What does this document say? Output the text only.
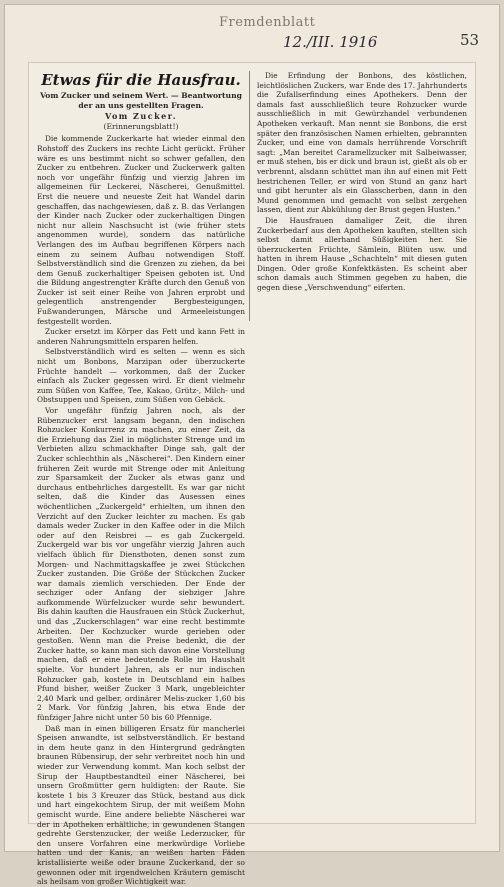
Fremdenblatt
12./III. 1916	53
Etwas für die Hausfrau.
Vom Zucker und seinem Wert. — Beantwortung der an uns gestellten Fragen.
Vom Zucker.
(Erinnerungsblatt!)

Die kommende Zuckerkarte hat wieder einmal den Rohstoff des Zuckers ins rechte Licht gerückt. Früher wäre es uns bestimmt nicht so schwer gefallen, den Zucker zu entbehren. Zucker und Zuckerwerk galten noch vor ungefähr fünfzig und vierzig Jahren im allgemeinen für Leckerei, Näscherei, Genußmittel. Erst die neuere und neueste Zeit hat Wandel darin geschaffen, das nachgewiesen, daß z. B. das Verlangen der Kinder nach Zucker oder zuckerhaltigen Dingen nicht nur allein Naschsucht ist (wie früher stets angenommen wurde), sondern das natürliche Verlangen des im Aufbau begriffenen Körpers nach einem zu seinem Aufbau notwendigen Stoff. Selbstverständlich sind die Grenzen zu ziehen, da bei dem Genuß zuckerhaltiger Speisen geboten ist. Und die Bildung angestrengter Kräfte durch den Genuß von Zucker ist seit einer Reihe von Jahren erprobt und gelegentlich anstrengender Bergbesteigungen, Fußwanderungen, Märsche und Armeeleistungen festgestellt worden.

Zucker ersetzt im Körper das Fett und kann Fett in anderen Nahrungsmitteln ersparen helfen.

Selbstverständlich wird es selten — wenn es sich nicht um Bonbons, Marzipan oder überzuckerte Früchte handelt — vorkommen, daß der Zucker einfach als Zucker gegessen wird. Er dient vielmehr zum Süßen von Kaffee, Tee, Kakao, Grütz-, Milch- und Obstsuppen und Speisen, zum Süßen von Gebäck.

Vor ungefähr fünfzig Jahren noch, als der Rübenzucker erst langsam begann, den indischen Rohzucker Konkurrenz zu machen, zu einer Zeit, da die Erziehung das Ziel in möglichster Strenge und im Verbieten allzu schmackhafter Dinge sah, galt der Zucker schlechthin als „Näscherei“. Den Kindern einer früheren Zeit wurde mit Strenge oder mit Anleitung zur Sparsamkeit der Zucker als etwas ganz und durchaus entbehrliches dargestellt. Es war gar nicht selten, daß die Kinder das Ausessen eines wöchentlichen „Zuckergeld“ erhielten, um ihnen den Verzicht auf den Zucker leichter zu machen. Es gab damals weder Zucker in den Kaffee oder in die Milch oder auf den Reisbrei — es gab Zuckergeld. Zuckergeld war bis vor ungefähr vierzig Jahren auch vielfach üblich für Dienstboten, denen sonst zum Morgen- und Nachmittagskaffee je zwei Stückchen Zucker zustanden. Die Größe der Stückchen Zucker war damals ziemlich verschieden. Der Ende der sechziger oder Anfang der siebziger Jahre aufkommende Würfelzucker wurde sehr bewundert. Bis dahin kauften die Hausfrauen ein Stück Zuckerhut, und das „Zuckerschlagen“ war eine recht bestimmte Arbeiten. Der Kochzucker wurde gerieben oder gestoßen. Wenn man die Preise bedenkt, die der Zucker hatte, so kann man sich davon eine Vorstellung machen, daß er eine bedeutende Rolle im Haushalt spielte. Vor hundert Jahren, als er nur indischen Rohzucker gab, kostete in Deutschland ein halbes Pfund bisher, weißer Zucker 3 Mark, ungebleichter 2,40 Mark und gelber, ordinärer Melis-zucker 1,60 bis 2 Mark. Vor fünfzig Jahren, bis etwa Ende der fünfziger Jahre nicht unter 50 bis 60 Pfennige.

Daß man in einen billigeren Ersatz für mancherlei Speisen anwandte, ist selbstverständlich. Er bestand in dem heute ganz in den Hintergrund gedrängten braunen Rübensirup, der sehr verbreitet noch hin und wieder zur Verwendung kommt. Man koch selbst der Sirup der Hauptbestandteil einer Näscherei, bei unsern Großmütter gern huldigten: der Raute. Sie kostete 1 bis 3 Kreuzer das Stück, bestand aus dick und hart eingekochtem Sirup, der mit weißem Mohn gemischt wurde. Eine andere beliebte Näscherei war der in Apotheken erhältliche, in gewundenen Stangen gedrehte Gerstenzucker, der weiße Lederzucker, für den unsere Vorfahren eine merkwürdige Vorliebe hatten und der Kanis, an weißen harten Fäden kristallisierte weiße oder braune Zuckerkand, der so gewonnen oder mit irgendwelchen Kräutern gemischt als heilsam von großer Wichtigkeit war.

Die Erfindung der Bonbons, des köstlichen, leichtlöslichen Zuckers, war Ende des 17. Jahrhunderts die Zufallserfindung eines Apothekers. Denn der damals fast ausschließlich teure Rohzucker wurde ausschließlich in mit Gewürzhandel verbundenen Apotheken verkauft. Man nennt sie Bonbons, die erst später den französischen Namen erhielten, gebrannten Zucker, und eine von damals herrührende Vorschrift sagt: „Man bereitet Caramellzucker mit Salbeiwasser, er muß stehen, bis er dick und braun ist, gießt als ob er verbrennt, alsdann schüttet man ihn auf einen mit Fett bestrichenen Teller, er wird von Stund an ganz hart und gibt herunter als ein Glasscherben, dann in den Mund genommen und gemacht von selbst zergehen lassen, dient zur Abkühlung der Brust gegen Husten.“

Die Hausfrauen damaliger Zeit, die ihren Zuckerbedarf aus den Apotheken kauften, stellten sich selbst damit allerhand Süßigkeiten her. Sie überzuckerten Früchte, Sämlein, Blüten usw. und hatten in ihrem Hause „Schachteln“ mit diesen guten Dingen. Oder große Konfektkästen. Es scheint aber schon damals auch Stimmen gegeben zu haben, die gegen diese „Verschwendung“ eiferten.
